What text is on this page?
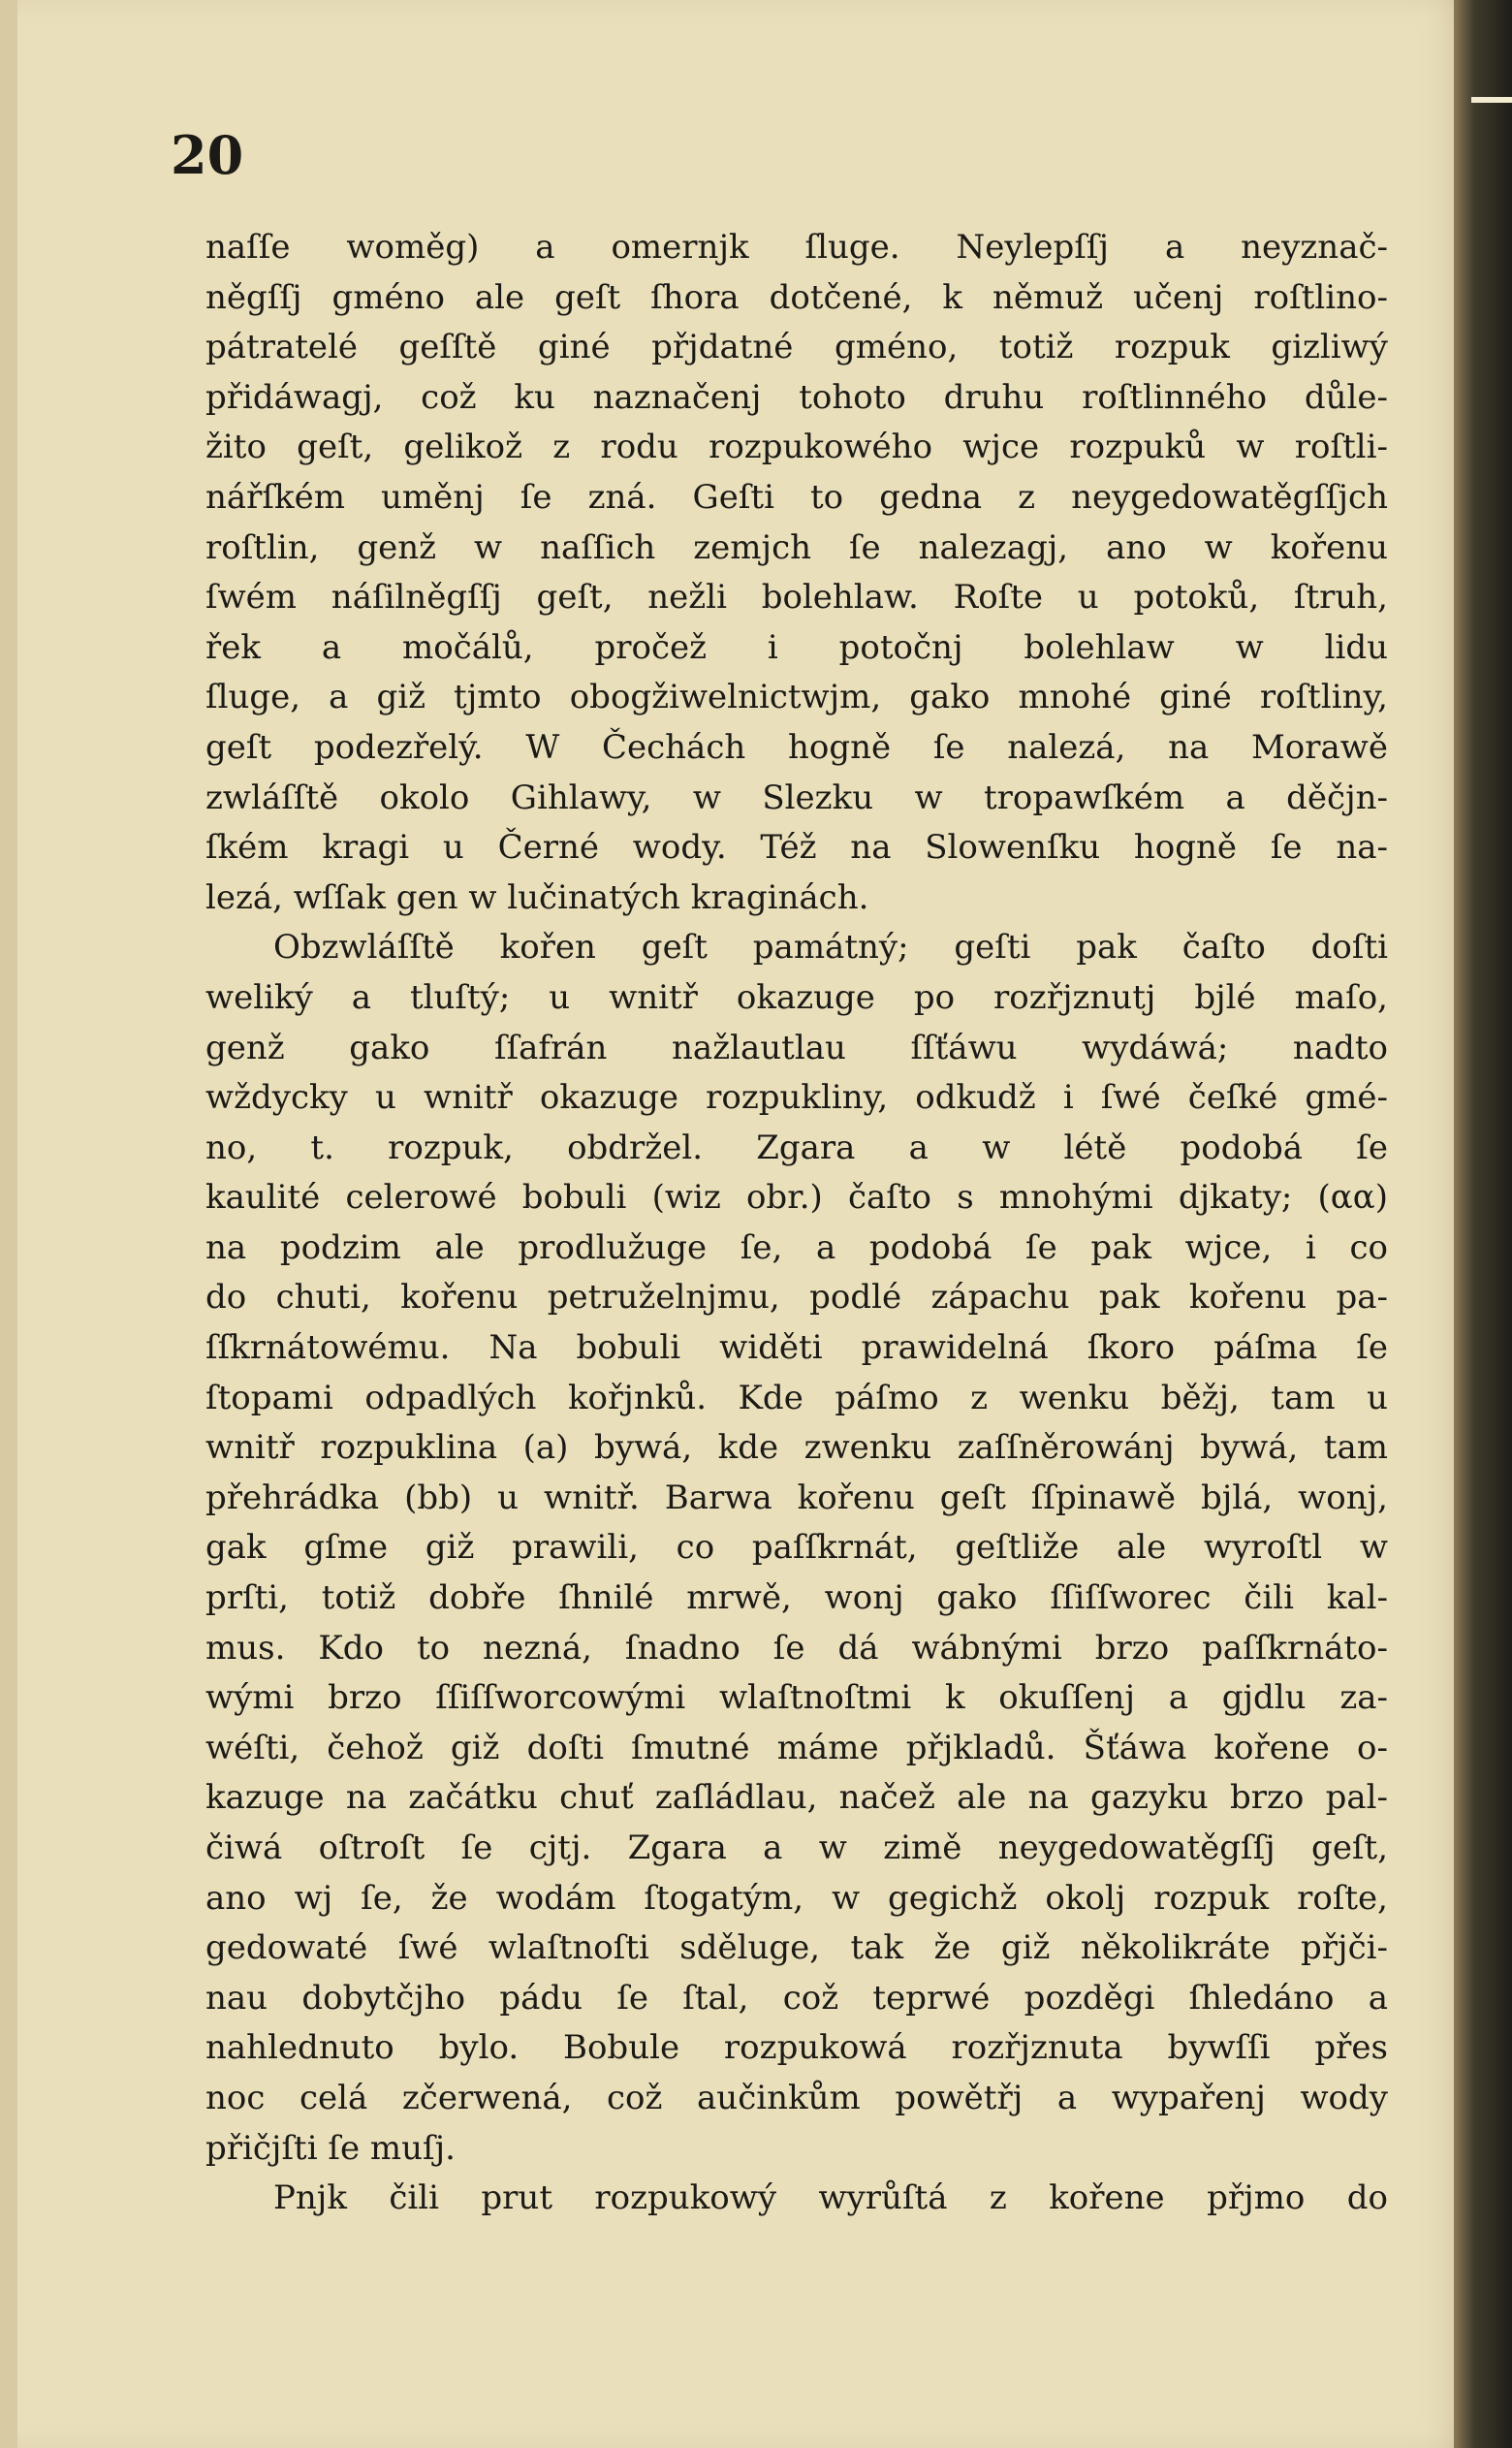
20
naſſe woměg) a omernjk ſluge. Neylepſſj a neyznač-
něgſſj gméno ale geſt ſhora dotčené, k němuž učenj roſtlino-
pátratelé geſſtě giné přjdatné gméno, totiž rozpuk gizliwý
přidáwagj, což ku naznačenj tohoto druhu roſtlinného důle-
žito geſt, gelikož z rodu rozpukowého wjce rozpuků w roſtli-
nářſkém uměnj ſe zná. Geſti to gedna z neygedowatěgſſjch
roſtlin, genž w naſſich zemjch ſe nalezagj, ano w kořenu
ſwém náſilněgſſj geſt, nežli bolehlaw. Roſte u potoků, ſtruh,
řek a močálů, pročež i potočnj bolehlaw w lidu
ſluge, a giž tjmto obogžiwelnictwjm, gako mnohé giné roſtliny,
geſt podezřelý. W Čechách hogně ſe nalezá, na Morawě
zwláſſtě okolo Gihlawy, w Slezku w tropawſkém a děčjn-
ſkém kragi u Černé wody. Též na Slowenſku hogně ſe na-
lezá, wſſak gen w lučinatých kraginách.
Obzwláſſtě kořen geſt památný; geſti pak čaſto doſti
weliký a tluſtý; u wnitř okazuge po rozřjznutj bjlé maſo,
genž gako ſſafrán nažlautlau ſſťáwu wydáwá; nadto
wždycky u wnitř okazuge rozpukliny, odkudž i ſwé čeſké gmé-
no, t. rozpuk, obdržel. Zgara a w létě podobá ſe
kaulité celerowé bobuli (wiz obr.) čaſto s mnohými djkaty; (αα)
na podzim ale prodlužuge ſe, a podobá ſe pak wjce, i co
do chuti, kořenu petruželnjmu, podlé zápachu pak kořenu pa-
ſſkrnátowému. Na bobuli widěti prawidelná ſkoro páſma ſe
ſtopami odpadlých kořjnků. Kde páſmo z wenku běžj, tam u
wnitř rozpuklina (a) bywá, kde zwenku zaſſněrowánj bywá, tam
přehrádka (bb) u wnitř. Barwa kořenu geſt ſſpinawě bjlá, wonj,
gak gſme giž prawili, co paſſkrnát, geſtliže ale wyroſtl w
prſti, totiž dobře ſhnilé mrwě, wonj gako ſſiſſworec čili kal-
mus. Kdo to nezná, ſnadno ſe dá wábnými brzo paſſkrnáto-
wými brzo ſſiſſworcowými wlaſtnoſtmi k okuſſenj a gjdlu za-
wéſti, čehož giž doſti ſmutné máme přjkladů. Šťáwa kořene o-
kazuge na začátku chuť zaſládlau, načež ale na gazyku brzo pal-
čiwá oſtroſt ſe cjtj. Zgara a w zimě neygedowatěgſſj geſt,
ano wj ſe, že wodám ſtogatým, w gegichž okolj rozpuk roſte,
gedowaté ſwé wlaſtnoſti sděluge, tak že giž několikráte přjči-
nau dobytčjho pádu ſe ſtal, což teprwé pozděgi ſhledáno a
nahlednuto bylo. Bobule rozpukowá rozřjznuta bywſſi přes
noc celá zčerwená, což aučinkům powětřj a wypařenj wody
přičjſti ſe muſj.
Pnjk čili prut rozpukowý wyrůſtá z kořene přjmo do
